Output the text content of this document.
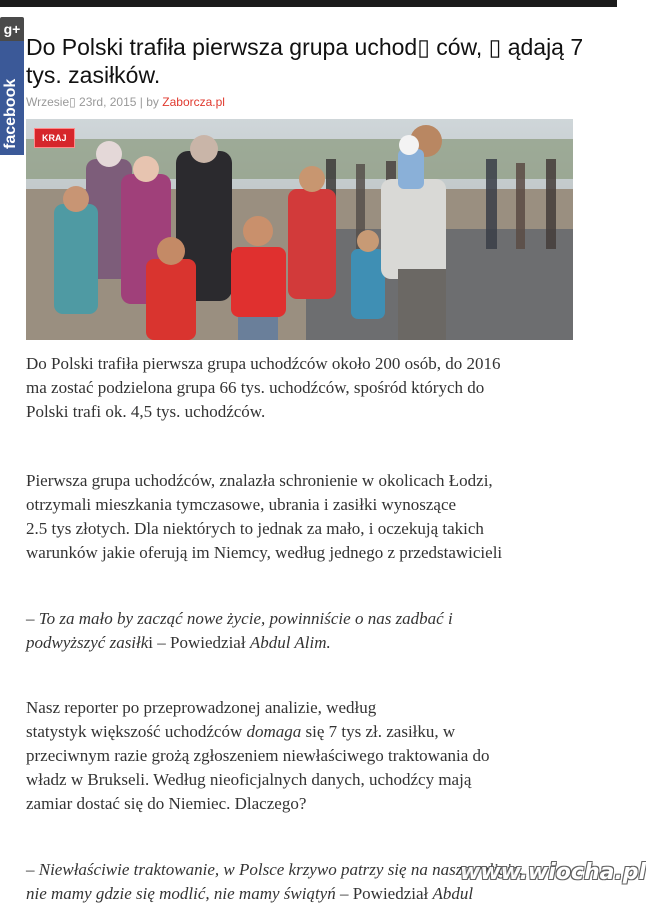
g+
facebook
Do Polski trafiła pierwsza grupa uchod▯ ców, ▯ ądają 7 tys. zasiłków.
Wrzesie▯ 23rd, 2015 | by Zaborcza.pl
KRAJ
Do Polski trafiła pierwsza grupa uchodźców około 200 osób, do 2016
ma zostać podzielona grupa 66 tys. uchodźców, spośród których do
Polski trafi ok. 4,5 tys. uchodźców.
Pierwsza grupa uchodźców, znalazła schronienie w okolicach Łodzi,
otrzymali mieszkania tymczasowe, ubrania i zasiłki wynoszące
2.5 tys złotych. Dla niektórych to jednak za mało, i oczekują takich
warunków jakie oferują im Niemcy, według jednego z przedstawicieli
– To za mało by zacząć nowe życie, powinniście o nas zadbać i
podwyższyć zasiłki – Powiedział Abdul Alim.
Nasz reporter po przeprowadzonej analizie, według
statystyk większość uchodźców domaga się 7 tys zł. zasiłku, w
przeciwnym razie grożą zgłoszeniem niewłaściwego traktowania do
władz w Brukseli. Według nieoficjalnych danych, uchodźcy mają
zamiar dostać się do Niemiec. Dlaczego?
– Niewłaściwie traktowanie, w Polsce krzywo patrzy się na naszą religię,
nie mamy gdzie się modlić, nie mamy świątyń – Powiedział Abdul
www.wiocha.pl
